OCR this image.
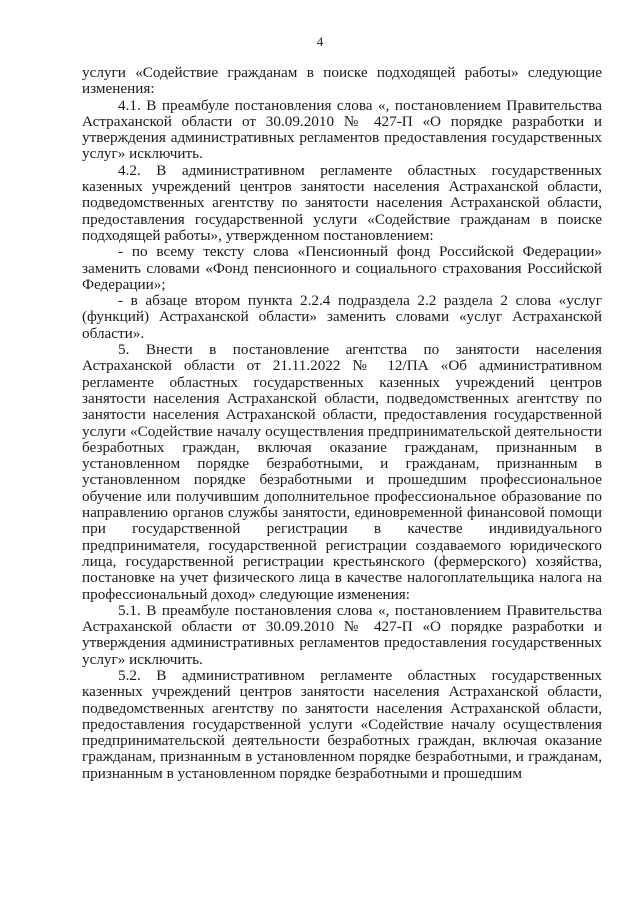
4

услуги «Содействие гражданам в поиске подходящей работы» следующие изменения:

4.1. В преамбуле постановления слова «, постановлением Правительства Астраханской области от 30.09.2010 № 427-П «О порядке разработки и утверждения административных регламентов предоставления государственных услуг» исключить.

4.2. В административном регламенте областных государственных казенных учреждений центров занятости населения Астраханской области, подведомственных агентству по занятости населения Астраханской области, предоставления государственной услуги «Содействие гражданам в поиске подходящей работы», утвержденном постановлением:

- по всему тексту слова «Пенсионный фонд Российской Федерации» заменить словами «Фонд пенсионного и социального страхования Российской Федерации»;

- в абзаце втором пункта 2.2.4 подраздела 2.2 раздела 2 слова «услуг (функций) Астраханской области» заменить словами «услуг Астраханской области».

5. Внести в постановление агентства по занятости населения Астраханской области от 21.11.2022 № 12/ПА «Об административном регламенте областных государственных казенных учреждений центров занятости населения Астраханской области, подведомственных агентству по занятости населения Астраханской области, предоставления государственной услуги «Содействие началу осуществления предпринимательской деятельности безработных граждан, включая оказание гражданам, признанным в установленном порядке безработными, и гражданам, признанным в установленном порядке безработными и прошедшим профессиональное обучение или получившим дополнительное профессиональное образование по направлению органов службы занятости, единовременной финансовой помощи при государственной регистрации в качестве индивидуального предпринимателя, государственной регистрации создаваемого юридического лица, государственной регистрации крестьянского (фермерского) хозяйства, постановке на учет физического лица в качестве налогоплательщика налога на профессиональный доход» следующие изменения:

5.1. В преамбуле постановления слова «, постановлением Правительства Астраханской области от 30.09.2010 № 427-П «О порядке разработки и утверждения административных регламентов предоставления государственных услуг» исключить.

5.2. В административном регламенте областных государственных казенных учреждений центров занятости населения Астраханской области, подведомственных агентству по занятости населения Астраханской области, предоставления государственной услуги «Содействие началу осуществления предпринимательской деятельности безработных граждан, включая оказание гражданам, признанным в установленном порядке безработными, и гражданам, признанным в установленном порядке безработными и прошедшим
